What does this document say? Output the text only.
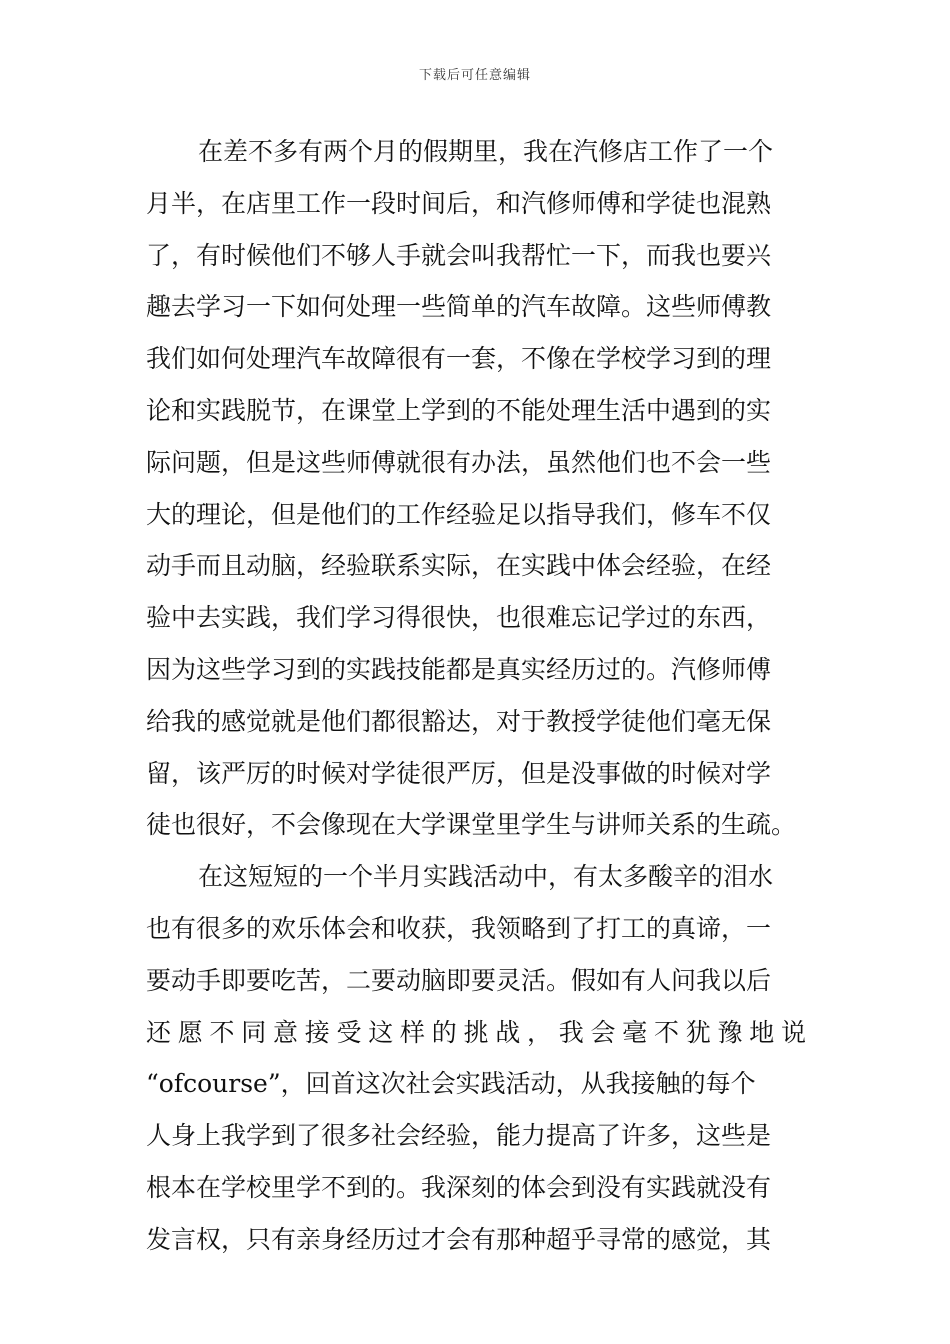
下载后可任意编辑
在差不多有两个月的假期里，我在汽修店工作了一个
月半，在店里工作一段时间后，和汽修师傅和学徒也混熟
了，有时候他们不够人手就会叫我帮忙一下，而我也要兴
趣去学习一下如何处理一些简单的汽车故障。这些师傅教
我们如何处理汽车故障很有一套，不像在学校学习到的理
论和实践脱节，在课堂上学到的不能处理生活中遇到的实
际问题，但是这些师傅就很有办法，虽然他们也不会一些
大的理论，但是他们的工作经验足以指导我们，修车不仅
动手而且动脑，经验联系实际，在实践中体会经验，在经
验中去实践，我们学习得很快，也很难忘记学过的东西，
因为这些学习到的实践技能都是真实经历过的。汽修师傅
给我的感觉就是他们都很豁达，对于教授学徒他们毫无保
留，该严厉的时候对学徒很严厉，但是没事做的时候对学
徒也很好，不会像现在大学课堂里学生与讲师关系的生疏。
在这短短的一个半月实践活动中，有太多酸辛的泪水
也有很多的欢乐体会和收获，我领略到了打工的真谛，一
要动手即要吃苦，二要动脑即要灵活。假如有人问我以后
还愿不同意接受这样的挑战，我会毫不犹豫地说
“ofcourse”，回首这次社会实践活动，从我接触的每个
人身上我学到了很多社会经验，能力提高了许多，这些是
根本在学校里学不到的。我深刻的体会到没有实践就没有
发言权，只有亲身经历过才会有那种超乎寻常的感觉，其
